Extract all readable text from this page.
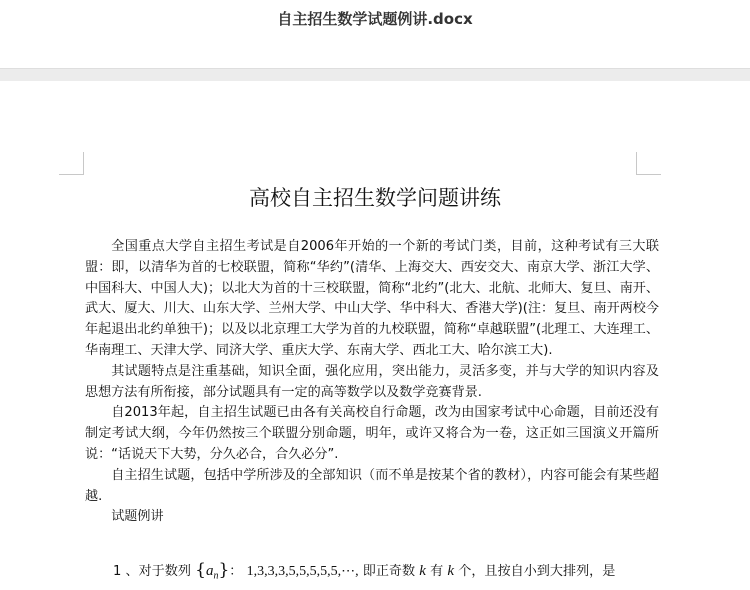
自主招生数学试题例讲.docx
高校自主招生数学问题讲练

全国重点大学自主招生考试是自2006年开始的一个新的考试门类，目前，这种考试有三大联盟：即，以清华为首的七校联盟，简称“华约”(清华、上海交大、西安交大、南京大学、浙江大学、中国科大、中国人大)；以北大为首的十三校联盟，简称“北约”(北大、北航、北师大、复旦、南开、武大、厦大、川大、山东大学、兰州大学、中山大学、华中科大、香港大学)(注：复旦、南开两校今年起退出北约单独干)；以及以北京理工大学为首的九校联盟，简称“卓越联盟”(北理工、大连理工、华南理工、天津大学、同济大学、重庆大学、东南大学、西北工大、哈尔滨工大).

其试题特点是注重基础，知识全面，强化应用，突出能力，灵活多变，并与大学的知识内容及思想方法有所衔接，部分试题具有一定的高等数学以及数学竞赛背景.

自2013年起，自主招生试题已由各有关高校自行命题，改为由国家考试中心命题，目前还没有制定考试大纲，今年仍然按三个联盟分别命题，明年，或许又将合为一卷，这正如三国演义开篇所说：“话说天下大势，分久必合，合久必分”.

自主招生试题，包括中学所涉及的全部知识（而不单是按某个省的教材），内容可能会有某些超越.

试题例讲

1 、对于数列 $\{a_n\}$： 1,3,3,3,5,5,5,5,5,⋯, 即正奇数 k 有 k 个，且按自小到大排列，是
